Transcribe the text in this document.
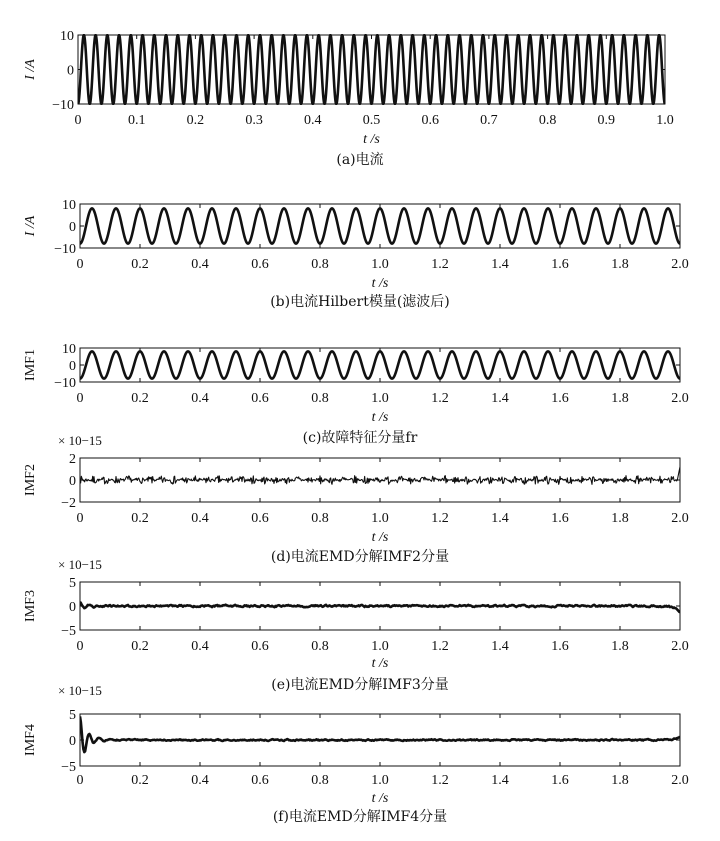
0	0.1	0.2	0.3	0.4	0.5	0.6	0.7	0.8	0.9	1.0
−10
0
10
I /A
t /s
(a)电流
0	0.2	0.4	0.6	0.8	1.0	1.2	1.4	1.6	1.8	2.0
−10
0
10
I /A
t /s
(b)电流Hilbert模量(滤波后)
0	0.2	0.4	0.6	0.8	1.0	1.2	1.4	1.6	1.8	2.0
−10
0
10
IMF1
t /s
(c)故障特征分量fr
0	0.2	0.4	0.6	0.8	1.0	1.2	1.4	1.6	1.8	2.0
−2
0
2
IMF2
t /s
× 10−15
(d)电流EMD分解IMF2分量
0	0.2	0.4	0.6	0.8	1.0	1.2	1.4	1.6	1.8	2.0
−5
0
5
IMF3
t /s
× 10−15
(e)电流EMD分解IMF3分量
0	0.2	0.4	0.6	0.8	1.0	1.2	1.4	1.6	1.8	2.0
−5
0
5
IMF4
t /s
× 10−15
(f)电流EMD分解IMF4分量
